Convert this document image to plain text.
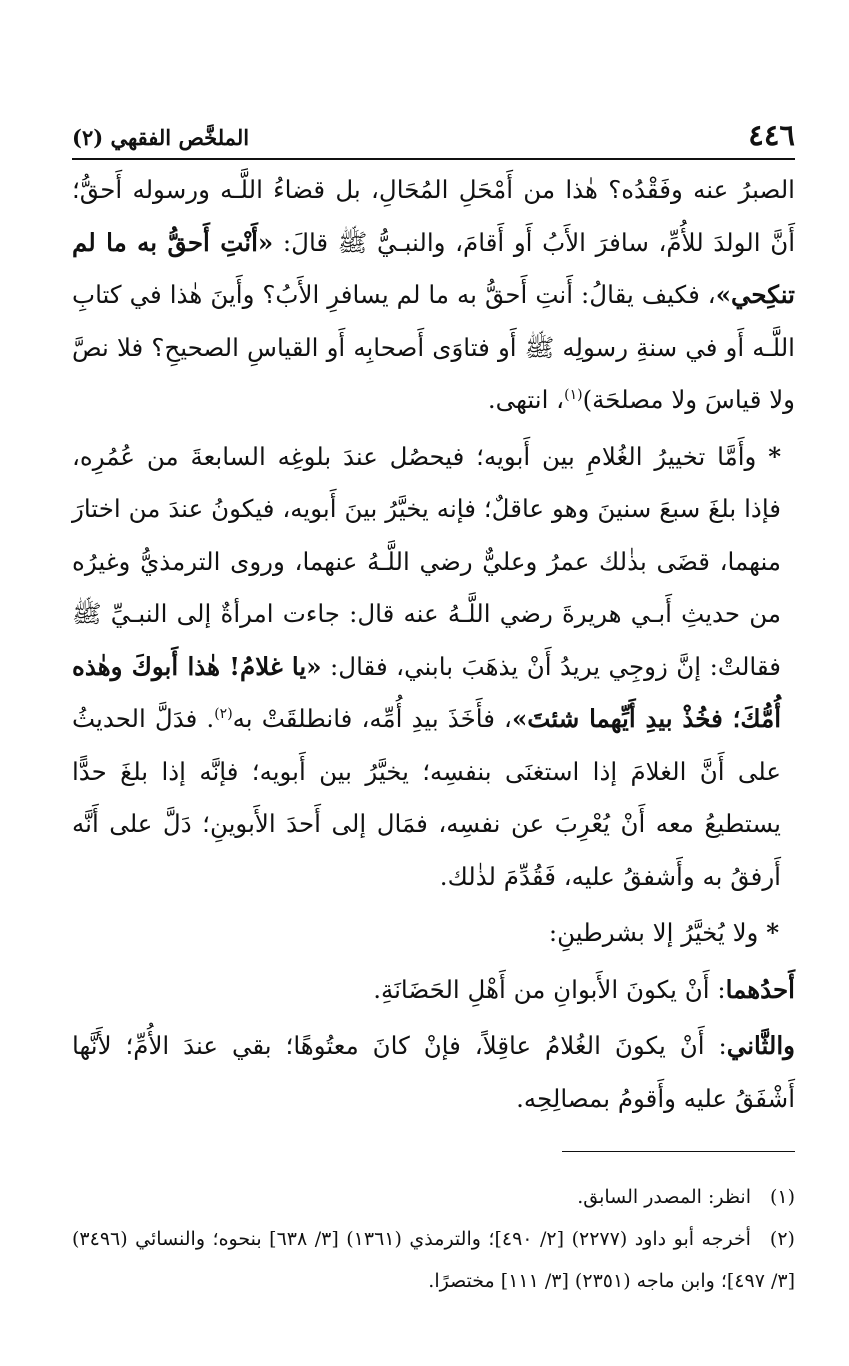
٤٤٦
الملخَّص الفقهي (٢)

الصبرُ عنه وفَقْدُه؟ هٰذا من أَمْحَلِ المُحَالِ، بل قضاءُ اللَّـه ورسوله أَحقُّ؛ أَنَّ الولدَ للأُمِّ، سافرَ الأَبُ أَو أَقامَ، والنبـيُّ ﷺ قالَ: «أَنْتِ أَحقُّ به ما لم تنكِحي»، فكيف يقالُ: أَنتِ أَحقُّ به ما لم يسافرِ الأَبُ؟ وأَينَ هٰذا في كتابِ اللَّـه أَو في سنةِ رسولِه ﷺ أَو فتاوَى أَصحابِه أَو القياسِ الصحيحِ؟ فلا نصَّ ولا قياسَ ولا مصلحَة)$^{(١)}$، انتهى.

* وأَمَّا تخييرُ الغُلامِ بين أَبويه؛ فيحصُل عندَ بلوغِه السابعةَ من عُمُرِه، فإذا بلغَ سبعَ سنينَ وهو عاقلٌ؛ فإنه يخيَّرُ بينَ أَبويه، فيكونُ عندَ من اختارَ منهما، قضَى بذٰلك عمرُ وعليٌّ رضي اللَّـهُ عنهما، وروى الترمذيُّ وغيرُه من حديثِ أَبـي هريرةَ رضي اللَّـهُ عنه قال: جاءت امرأةٌ إلى النبـيِّ ﷺ فقالتْ: إنَّ زوجِي يريدُ أَنْ يذهَبَ بابني، فقال: «يا غلامُ! هٰذا أَبوكَ وهٰذه أُمُّكَ؛ فخُذْ بيدِ أَيِّهما شئتَ»، فأَخَذَ بيدِ أُمِّه، فانطلقَتْ به$^{(٢)}$. فدَلَّ الحديثُ على أَنَّ الغلامَ إذا استغنَى بنفسِه؛ يخيَّرُ بين أَبويه؛ فإنَّه إذا بلغَ حدًّا يستطيعُ معه أَنْ يُعْرِبَ عن نفسِه، فمَال إلى أَحدَ الأَبوينِ؛ دَلَّ على أَنَّه أَرفقُ به وأَشفقُ عليه، فَقُدِّمَ لذٰلك.

* ولا يُخيَّرُ إلا بشرطينِ:

أَحدُهما: أَنْ يكونَ الأَبوانِ من أَهْلِ الحَضَانَةِ.

والثَّاني: أَنْ يكونَ الغُلامُ عاقِلاً، فإنْ كانَ معتُوهًا؛ بقي عندَ الأُمِّ؛ لأَنَّها أَشْفَقُ عليه وأَقومُ بمصالِحِه.

(١)انظر: المصدر السابق.

(٢)أخرجه أبو داود (٢٢٧٧) [٢/ ٤٩٠]؛ والترمذي (١٣٦١) [٣/ ٦٣٨] بنحوه؛ والنسائي (٣٤٩٦) [٣/ ٤٩٧]؛ وابن ماجه (٢٣٥١) [٣/ ١١١] مختصرًا.
